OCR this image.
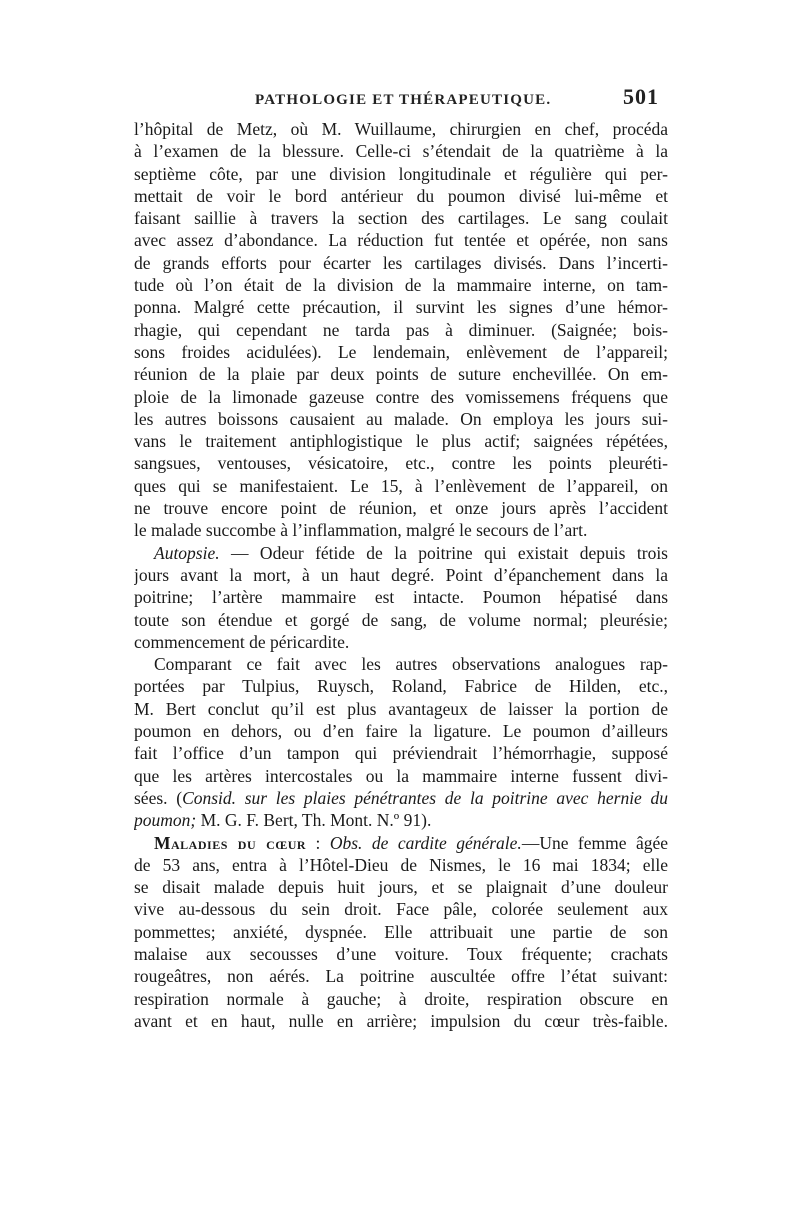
PATHOLOGIE ET THÉRAPEUTIQUE.	501
l’hôpital de Metz, où M. Wuillaume, chirurgien en chef, procéda
à l’examen de la blessure. Celle-ci s’étendait de la quatrième à la
septième côte, par une division longitudinale et régulière qui per-
mettait de voir le bord antérieur du poumon divisé lui-même et
faisant saillie à travers la section des cartilages. Le sang coulait
avec assez d’abondance. La réduction fut tentée et opérée, non sans
de grands efforts pour écarter les cartilages divisés. Dans l’incerti-
tude où l’on était de la division de la mammaire interne, on tam-
ponna. Malgré cette précaution, il survint les signes d’une hémor-
rhagie, qui cependant ne tarda pas à diminuer. (Saignée; bois-
sons froides acidulées). Le lendemain, enlèvement de l’appareil;
réunion de la plaie par deux points de suture enchevillée. On em-
ploie de la limonade gazeuse contre des vomissemens fréquens que
les autres boissons causaient au malade. On employa les jours sui-
vans le traitement antiphlogistique le plus actif; saignées répétées,
sangsues, ventouses, vésicatoire, etc., contre les points pleuréti-
ques qui se manifestaient. Le 15, à l’enlèvement de l’appareil, on
ne trouve encore point de réunion, et onze jours après l’accident
le malade succombe à l’inflammation, malgré le secours de l’art.
Autopsie. — Odeur fétide de la poitrine qui existait depuis trois
jours avant la mort, à un haut degré. Point d’épanchement dans la
poitrine; l’artère mammaire est intacte. Poumon hépatisé dans
toute son étendue et gorgé de sang, de volume normal; pleurésie;
commencement de péricardite.
Comparant ce fait avec les autres observations analogues rap-
portées par Tulpius, Ruysch, Roland, Fabrice de Hilden, etc.,
M. Bert conclut qu’il est plus avantageux de laisser la portion de
poumon en dehors, ou d’en faire la ligature. Le poumon d’ailleurs
fait l’office d’un tampon qui préviendrait l’hémorrhagie, supposé
que les artères intercostales ou la mammaire interne fussent divi-
sées. (Consid. sur les plaies pénétrantes de la poitrine avec hernie du
poumon; M. G. F. Bert, Th. Mont. N.º 91).
Maladies du cœur : Obs. de cardite générale.—Une femme âgée
de 53 ans, entra à l’Hôtel-Dieu de Nismes, le 16 mai 1834; elle
se disait malade depuis huit jours, et se plaignait d’une douleur
vive au-dessous du sein droit. Face pâle, colorée seulement aux
pommettes; anxiété, dyspnée. Elle attribuait une partie de son
malaise aux secousses d’une voiture. Toux fréquente; crachats
rougeâtres, non aérés. La poitrine auscultée offre l’état suivant:
respiration normale à gauche; à droite, respiration obscure en
avant et en haut, nulle en arrière; impulsion du cœur très-faible.
